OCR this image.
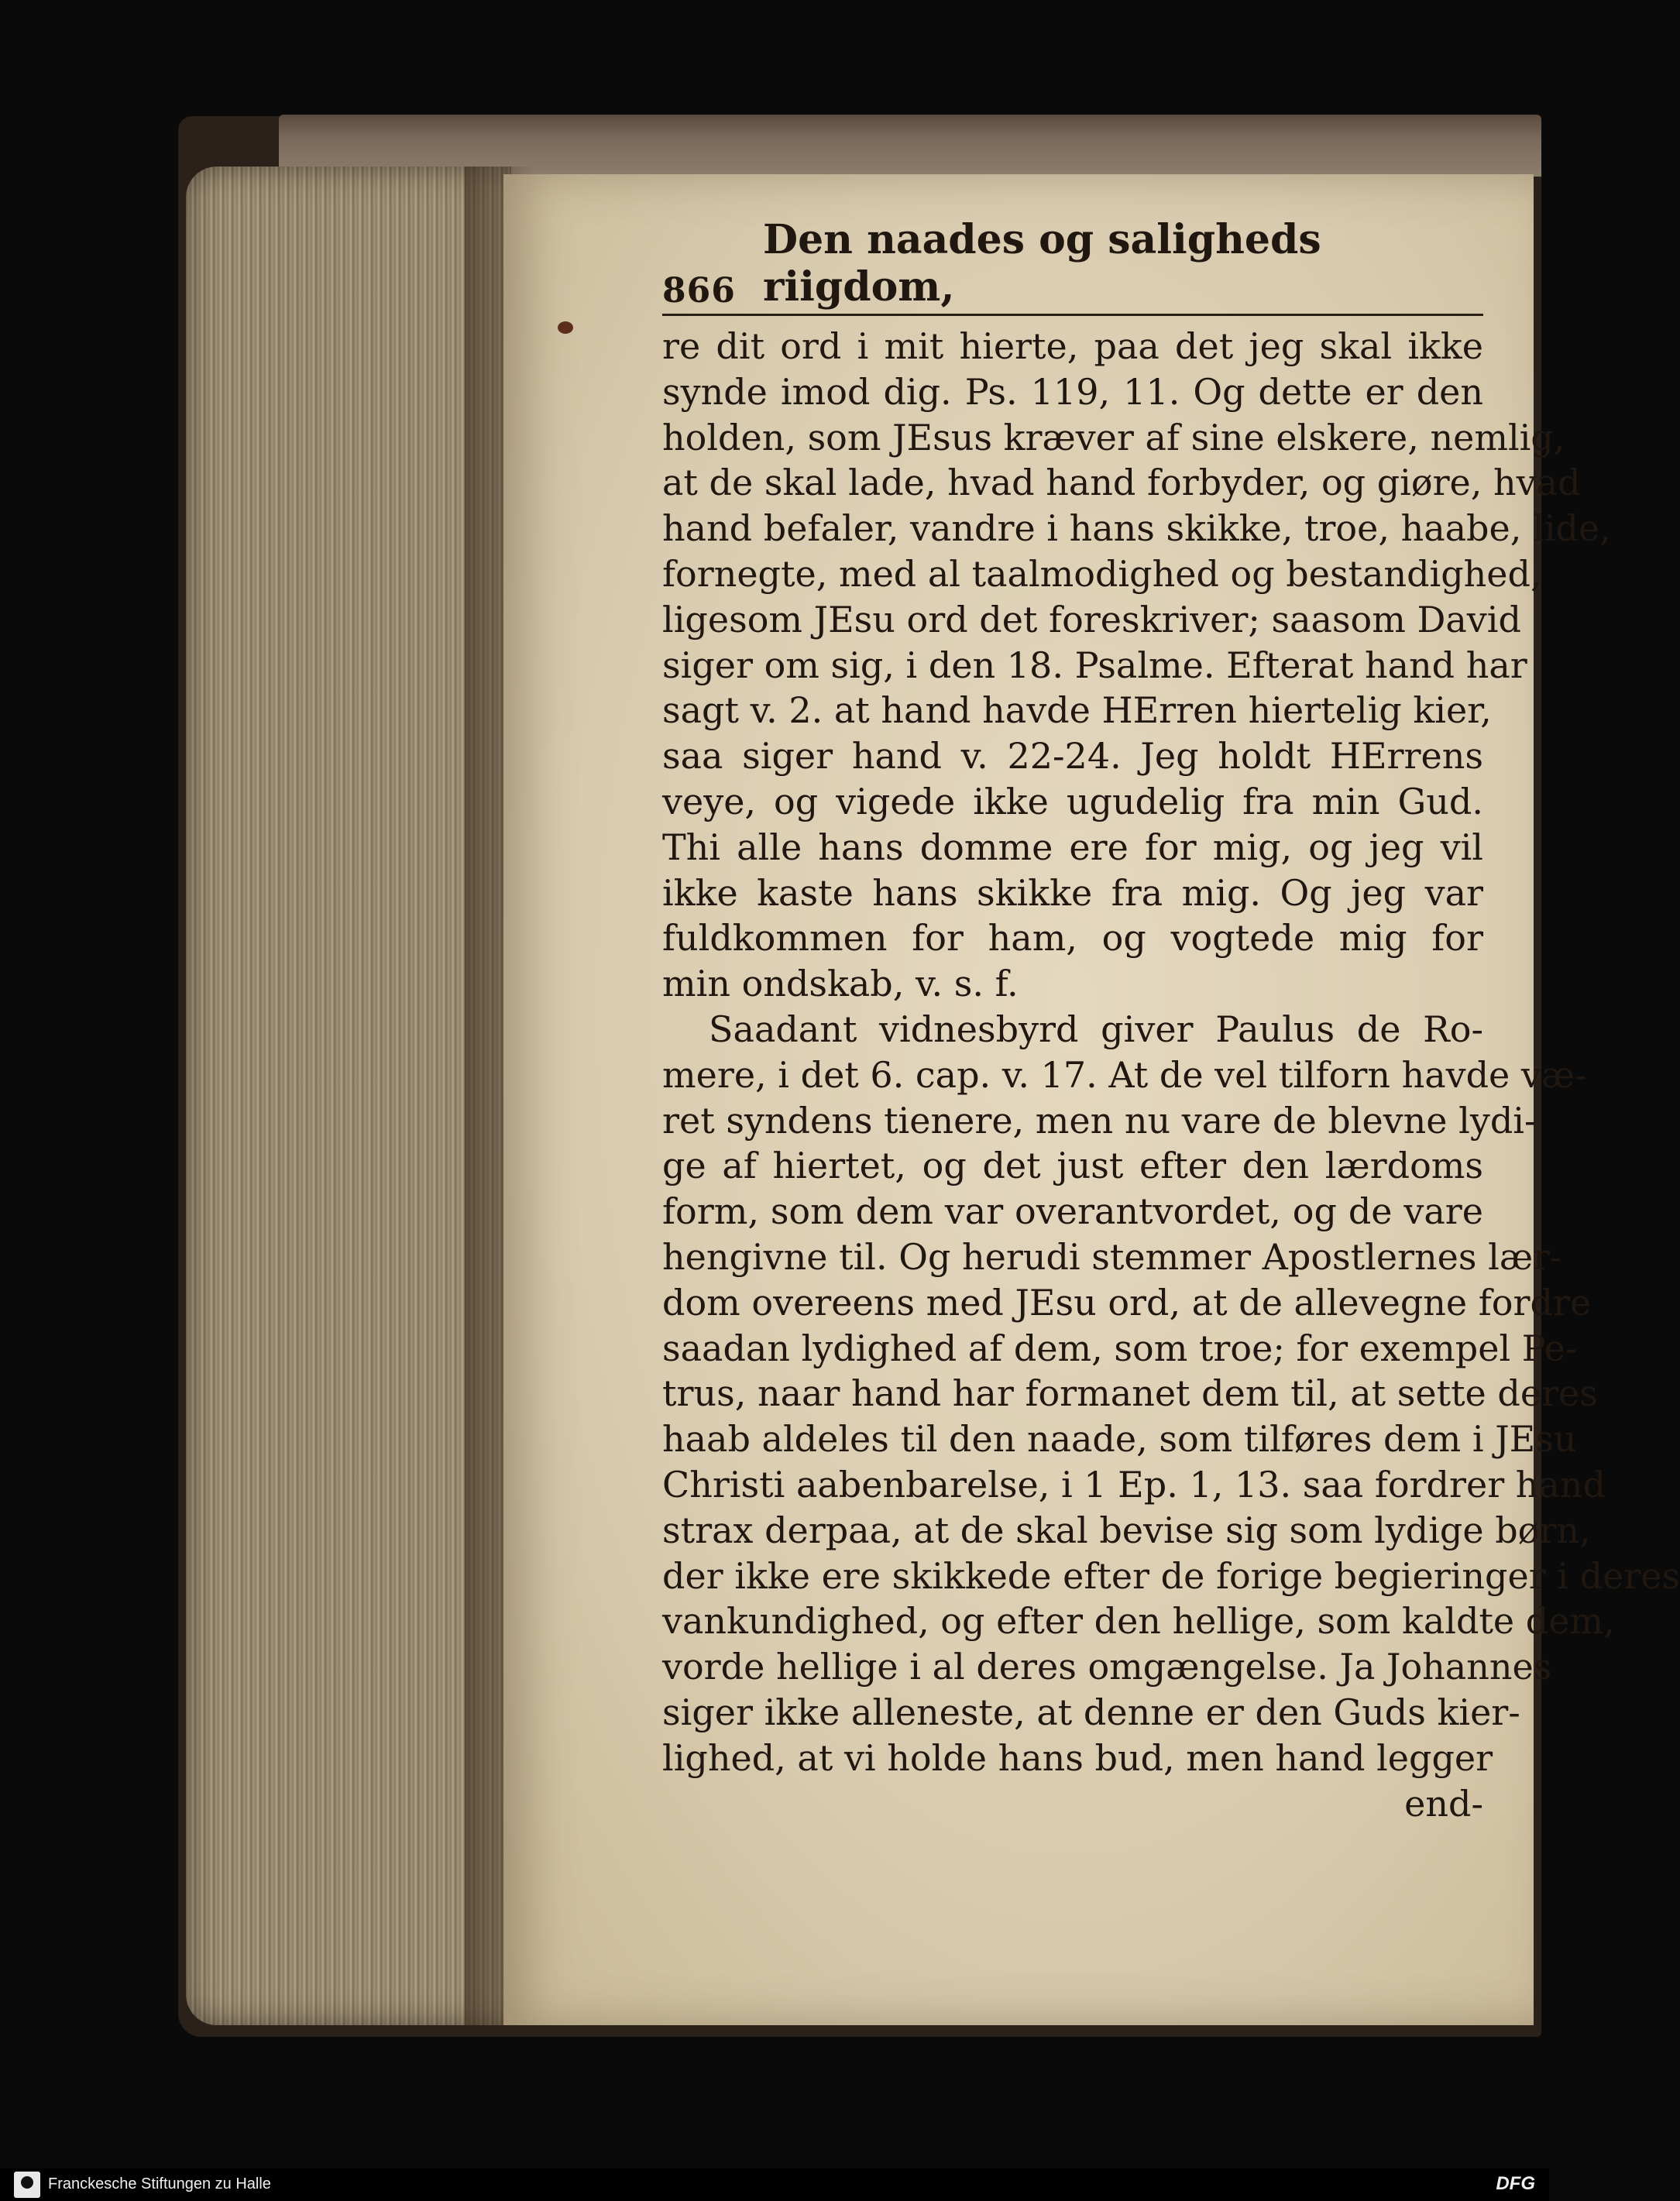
866
Den naades og saligheds riigdom,
re dit ord i mit hierte, paa det jeg skal ikke
synde imod dig. Ps. 119, 11. Og dette er den
holden, som JEsus kræver af sine elskere, nemlig,
at de skal lade, hvad hand forbyder, og giøre, hvad
hand befaler, vandre i hans skikke, troe, haabe, lide,
fornegte, med al taalmodighed og bestandighed,
ligesom JEsu ord det foreskriver; saasom David
siger om sig, i den 18. Psalme. Efterat hand har
sagt v. 2. at hand havde HErren hiertelig kier,
saa siger hand v. 22-24. Jeg holdt HErrens
veye, og vigede ikke ugudelig fra min Gud.
Thi alle hans domme ere for mig, og jeg vil
ikke kaste hans skikke fra mig. Og jeg var
fuldkommen for ham, og vogtede mig for
min ondskab, v. s. f.
Saadant vidnesbyrd giver Paulus de Ro-
mere, i det 6. cap. v. 17. At de vel tilforn havde væ-
ret syndens tienere, men nu vare de blevne lydi-
ge af hiertet, og det just efter den lærdoms
form, som dem var overantvordet, og de vare
hengivne til. Og herudi stemmer Apostlernes lær-
dom overeens med JEsu ord, at de allevegne fordre
saadan lydighed af dem, som troe; for exempel Pe-
trus, naar hand har formanet dem til, at sette deres
haab aldeles til den naade, som tilføres dem i JEsu
Christi aabenbarelse, i 1 Ep. 1, 13. saa fordrer hand
strax derpaa, at de skal bevise sig som lydige børn,
der ikke ere skikkede efter de forige begieringer i deres
vankundighed, og efter den hellige, som kaldte dem,
vorde hellige i al deres omgængelse. Ja Johannes
siger ikke alleneste, at denne er den Guds kier-
lighed, at vi holde hans bud, men hand legger
end-
Franckesche Stiftungen zu Halle	DFG
